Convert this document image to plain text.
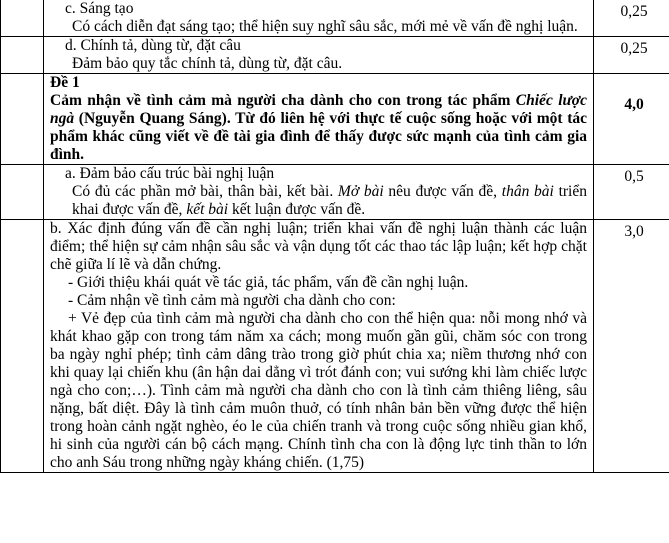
	c. Sáng tạo

Có cách diễn đạt sáng tạo; thể hiện suy nghĩ sâu sắc, mới mẻ về vấn đề nghị luận.	0,25

	d. Chính tả, dùng từ, đặt câu

Đảm bảo quy tắc chính tả, dùng từ, đặt câu.	0,25

	Đề 1

Cảm nhận về tình cảm mà người cha dành cho con trong tác phẩm Chiếc lược ngà (Nguyễn Quang Sáng). Từ đó liên hệ với thực tế cuộc sống hoặc với một tác phẩm khác cũng viết về đề tài gia đình để thấy được sức mạnh của tình cảm gia đình.	4,0

	a. Đảm bảo cấu trúc bài nghị luận

Có đủ các phần mở bài, thân bài, kết bài. Mở bài nêu được vấn đề, thân bài triển khai được vấn đề, kết bài kết luận được vấn đề.	0,5

	b. Xác định đúng vấn đề cần nghị luận; triển khai vấn đề nghị luận thành các luận điểm; thể hiện sự cảm nhận sâu sắc và vận dụng tốt các thao tác lập luận; kết hợp chặt chẽ giữa lí lẽ và dẫn chứng.

- Giới thiệu khái quát về tác giả, tác phẩm, vấn đề cần nghị luận.

- Cảm nhận về tình cảm mà người cha dành cho con:

+ Vẻ đẹp của tình cảm mà người cha dành cho con thể hiện qua: nỗi mong nhớ và khát khao gặp con trong tám năm xa cách; mong muốn gần gũi, chăm sóc con trong ba ngày nghỉ phép; tình cảm dâng trào trong giờ phút chia xa; niềm thương nhớ con khi quay lại chiến khu (ân hận dai dẳng vì trót đánh con; vui sướng khi làm chiếc lược ngà cho con;…). Tình cảm mà người cha dành cho con là tình cảm thiêng liêng, sâu nặng, bất diệt. Đây là tình cảm muôn thuở, có tính nhân bản bền vững được thể hiện trong hoàn cảnh ngặt nghèo, éo le của chiến tranh và trong cuộc sống nhiều gian khổ, hi sinh của người cán bộ cách mạng. Chính tình cha con là động lực tinh thần to lớn cho anh Sáu trong những ngày kháng chiến. (1,75)	3,0
